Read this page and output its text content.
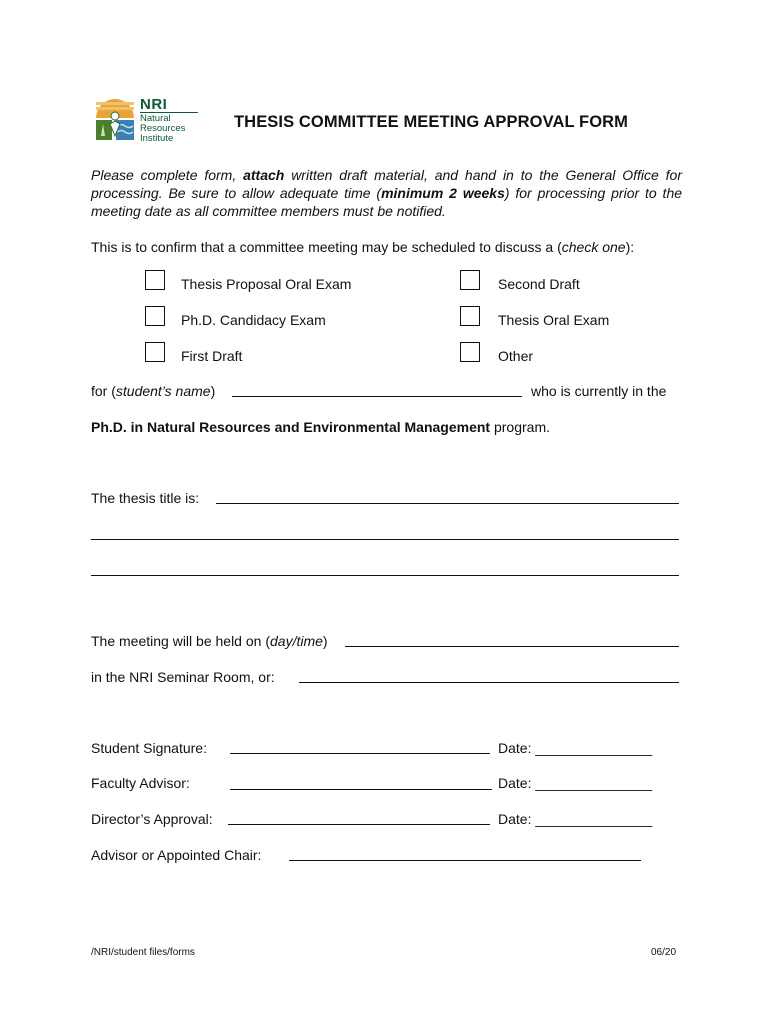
NRI
Natural
Resources
Institute
THESIS COMMITTEE MEETING APPROVAL FORM
Please complete form, attach written draft material, and hand in to the General Office for processing. Be sure to allow adequate time (minimum 2 weeks) for processing prior to the meeting date as all committee members must be notified.
This is to confirm that a committee meeting may be scheduled to discuss a (check one):
Thesis Proposal Oral Exam	Second Draft
Ph.D. Candidacy Exam	Thesis Oral Exam
First Draft	Other
for (student’s name)	who is currently in the
Ph.D. in Natural Resources and Environmental Management program.
The thesis title is:
The meeting will be held on (day/time)
in the NRI Seminar Room, or:
Student Signature:	Date: _______________
Faculty Advisor:	Date: _______________
Director’s Approval:	Date: _______________
Advisor or Appointed Chair:
/NRI/student files/forms	06/20
